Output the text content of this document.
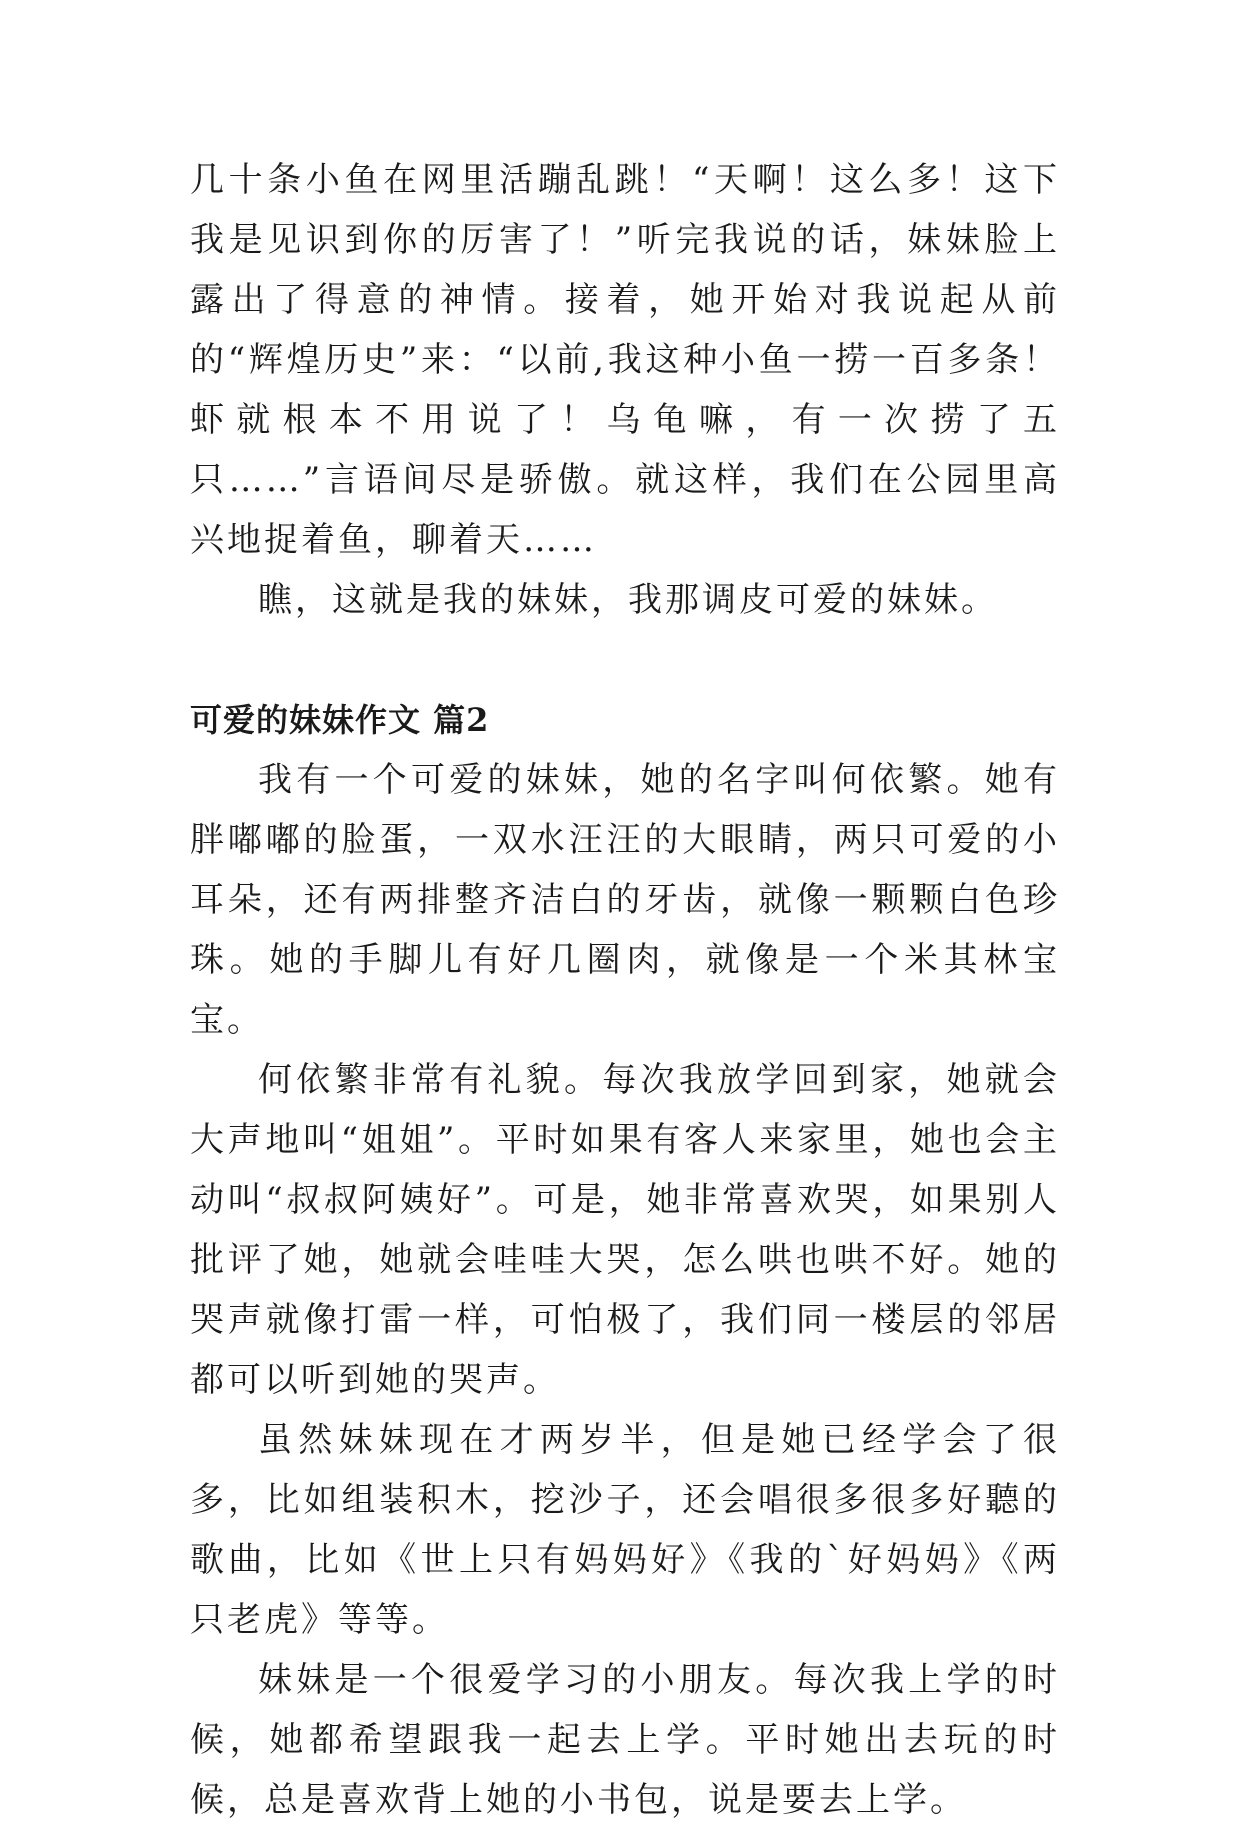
几十条小鱼在网里活蹦乱跳！“天啊！这么多！这下我是见识到你的厉害了！”听完我说的话，妹妹脸上露出了得意的神情。接着，她开始对我说起从前的“辉煌历史”来：“以前,我这种小鱼一捞一百多条！虾就根本不用说了！乌龟嘛，有一次捞了五只……”言语间尽是骄傲。就这样，我们在公园里高兴地捉着鱼，聊着天……

瞧，这就是我的妹妹，我那调皮可爱的妹妹。

可爱的妹妹作文 篇2

我有一个可爱的妹妹，她的名字叫何依繁。她有胖嘟嘟的脸蛋，一双水汪汪的大眼睛，两只可爱的小耳朵，还有两排整齐洁白的牙齿，就像一颗颗白色珍珠。她的手脚儿有好几圈肉，就像是一个米其林宝宝。

何依繁非常有礼貌。每次我放学回到家，她就会大声地叫“姐姐”。平时如果有客人来家里，她也会主动叫“叔叔阿姨好”。可是，她非常喜欢哭，如果别人批评了她，她就会哇哇大哭，怎么哄也哄不好。她的哭声就像打雷一样，可怕极了，我们同一楼层的邻居都可以听到她的哭声。

虽然妹妹现在才两岁半，但是她已经学会了很多，比如组装积木，挖沙子，还会唱很多很多好聽的歌曲，比如《世上只有妈妈好》《我的`好妈妈》《两只老虎》等等。

妹妹是一个很爱学习的小朋友。每次我上学的时候，她都希望跟我一起去上学。平时她出去玩的时候，总是喜欢背上她的小书包，说是要去上学。
